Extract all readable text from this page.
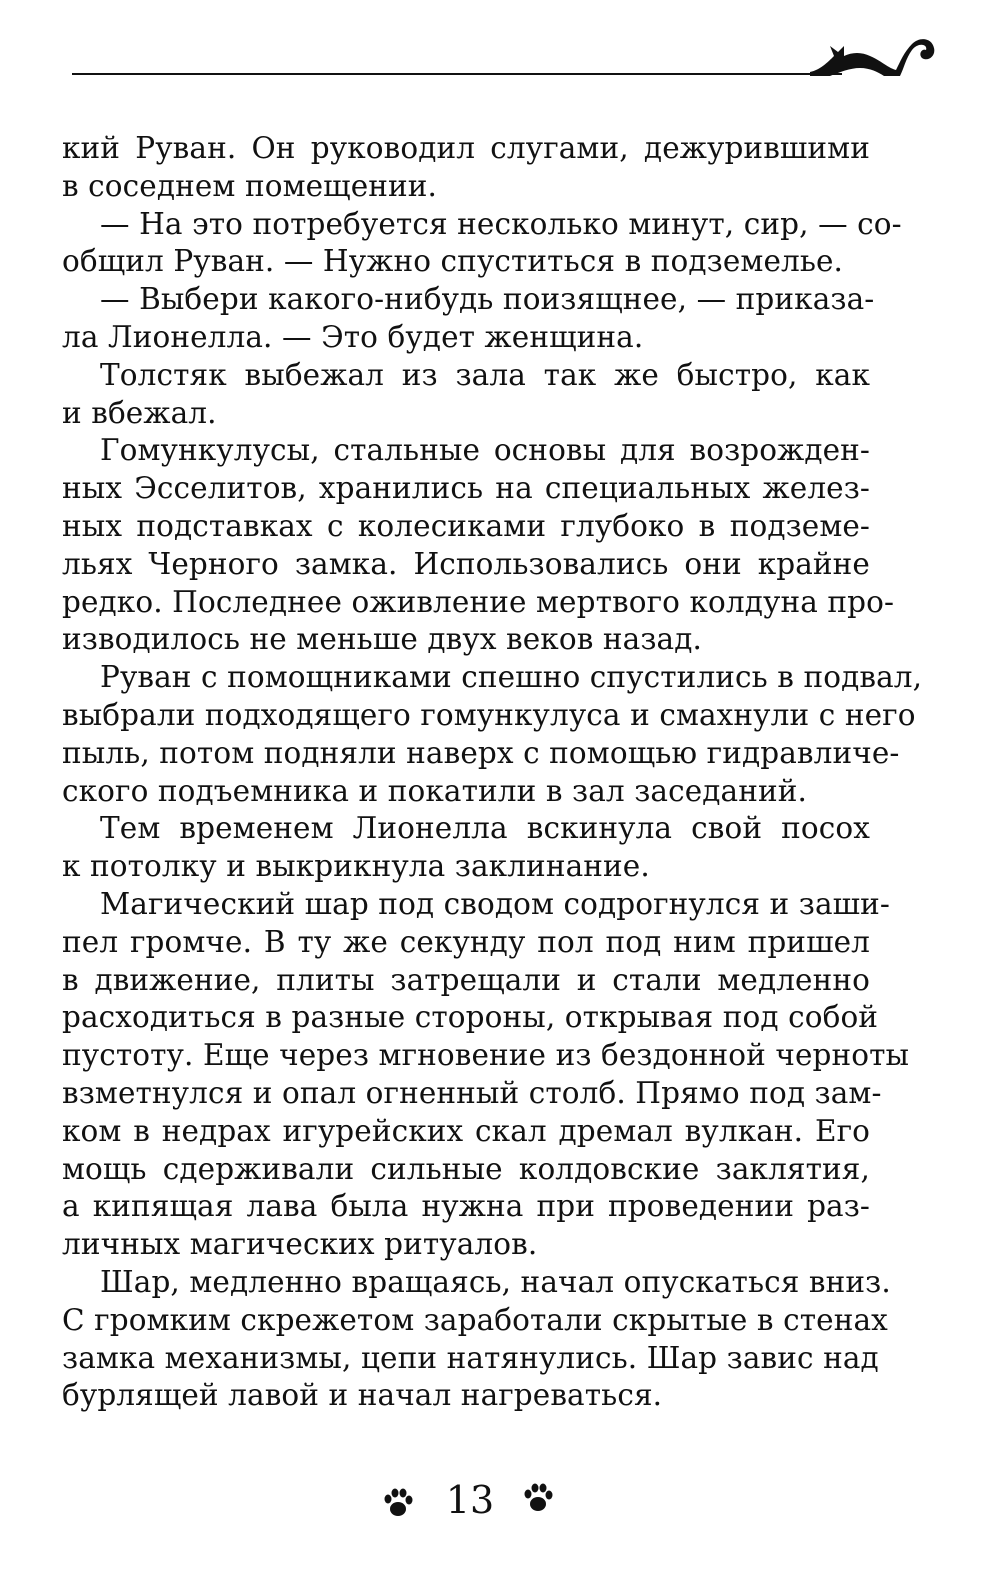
кий Руван. Он руководил слугами, дежурившими
в соседнем помещении.
— На это потребуется несколько минут, сир, — со-
общил Руван. — Нужно спуститься в подземелье.
— Выбери какого-нибудь поизящнее, — приказа-
ла Лионелла. — Это будет женщина.
Толстяк выбежал из зала так же быстро, как
и вбежал.
Гомункулусы, стальные основы для возрожден-
ных Эсселитов, хранились на специальных желез-
ных подставках с колесиками глубоко в подземе-
льях Черного замка. Использовались они крайне
редко. Последнее оживление мертвого колдуна про-
изводилось не меньше двух веков назад.
Руван с помощниками спешно спустились в подвал,
выбрали подходящего гомункулуса и смахнули с него
пыль, потом подняли наверх с помощью гидравличе-
ского подъемника и покатили в зал заседаний.
Тем временем Лионелла вскинула свой посох
к потолку и выкрикнула заклинание.
Магический шар под сводом содрогнулся и заши-
пел громче. В ту же секунду пол под ним пришел
в движение, плиты затрещали и стали медленно
расходиться в разные стороны, открывая под собой
пустоту. Еще через мгновение из бездонной черноты
взметнулся и опал огненный столб. Прямо под зам-
ком в недрах игурейских скал дремал вулкан. Его
мощь сдерживали сильные колдовские заклятия,
а кипящая лава была нужна при проведении раз-
личных магических ритуалов.
Шар, медленно вращаясь, начал опускаться вниз.
С громким скрежетом заработали скрытые в стенах
замка механизмы, цепи натянулись. Шар завис над
бурлящей лавой и начал нагреваться.
13
